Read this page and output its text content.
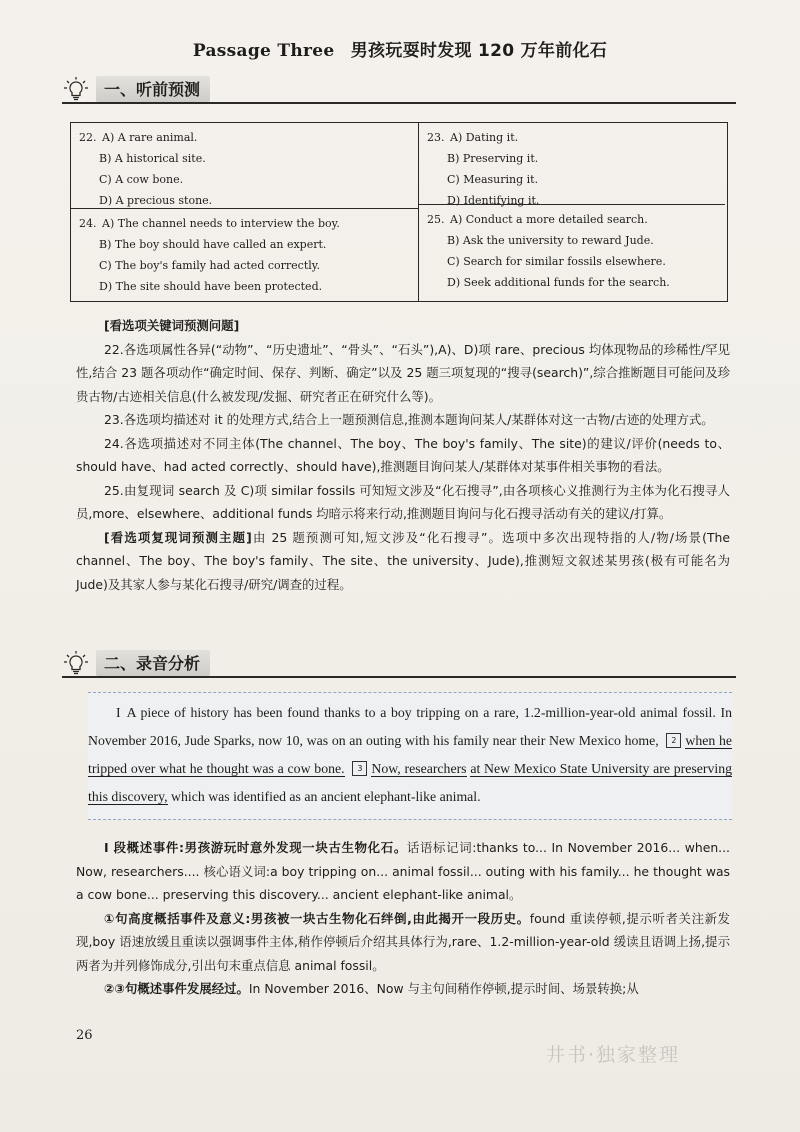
Passage Three 男孩玩耍时发现 120 万年前化石
一、听前预测
22. A) A rare animal.
B) A historical site.
C) A cow bone.
D) A precious stone.
23. A) Dating it.
B) Preserving it.
C) Measuring it.
D) Identifying it.
24. A) The channel needs to interview the boy.
B) The boy should have called an expert.
C) The boy's family had acted correctly.
D) The site should have been protected.
25. A) Conduct a more detailed search.
B) Ask the university to reward Jude.
C) Search for similar fossils elsewhere.
D) Seek additional funds for the search.

[看选项关键词预测问题]

22.各选项属性各异(“动物”、“历史遗址”、“骨头”、“石头”),A)、D)项 rare、precious 均体现物品的珍稀性/罕见性,结合 23 题各项动作“确定时间、保存、判断、确定”以及 25 题三项复现的“搜寻(search)”,综合推断题目可能问及珍贵古物/古迹相关信息(什么被发现/发掘、研究者正在研究什么等)。

23.各选项均描述对 it 的处理方式,结合上一题预测信息,推测本题询问某人/某群体对这一古物/古迹的处理方式。

24.各选项描述对不同主体(The channel、The boy、The boy's family、The site)的建议/评价(needs to、should have、had acted correctly、should have),推测题目询问某人/某群体对某事件相关事物的看法。

25.由复现词 search 及 C)项 similar fossils 可知短文涉及“化石搜寻”,由各项核心义推测行为主体为化石搜寻人员,more、elsewhere、additional funds 均暗示将来行动,推测题目询问与化石搜寻活动有关的建议/打算。

[看选项复现词预测主题]由 25 题预测可知,短文涉及“化石搜寻”。选项中多次出现特指的人/物/场景(The channel、The boy、The boy's family、The site、the university、Jude),推测短文叙述某男孩(极有可能名为 Jude)及其家人参与某化石搜寻/研究/调查的过程。

二、录音分析
I A piece of history has been found thanks to a boy tripping on a rare, 1.2-million-year-old animal fossil. In November 2016, Jude Sparks, now 10, was on an outing with his family near their New Mexico home, 2 when he tripped over what he thought was a cow bone. 3 Now, researchers at New Mexico State University are preserving this discovery, which was identified as an ancient elephant-like animal.

I 段概述事件:男孩游玩时意外发现一块古生物化石。话语标记词:thanks to... In November 2016... when... Now, researchers.... 核心语义词:a boy tripping on... animal fossil... outing with his family... he thought was a cow bone... preserving this discovery... ancient elephant-like animal。

①句高度概括事件及意义:男孩被一块古生物化石绊倒,由此揭开一段历史。found 重读停顿,提示听者关注新发现,boy 语速放缓且重读以强调事件主体,稍作停顿后介绍其具体行为,rare、1.2-million-year-old 缓读且语调上扬,提示两者为并列修饰成分,引出句末重点信息 animal fossil。

②③句概述事件发展经过。In November 2016、Now 与主句间稍作停顿,提示时间、场景转换;从

26
井书·独家整理
